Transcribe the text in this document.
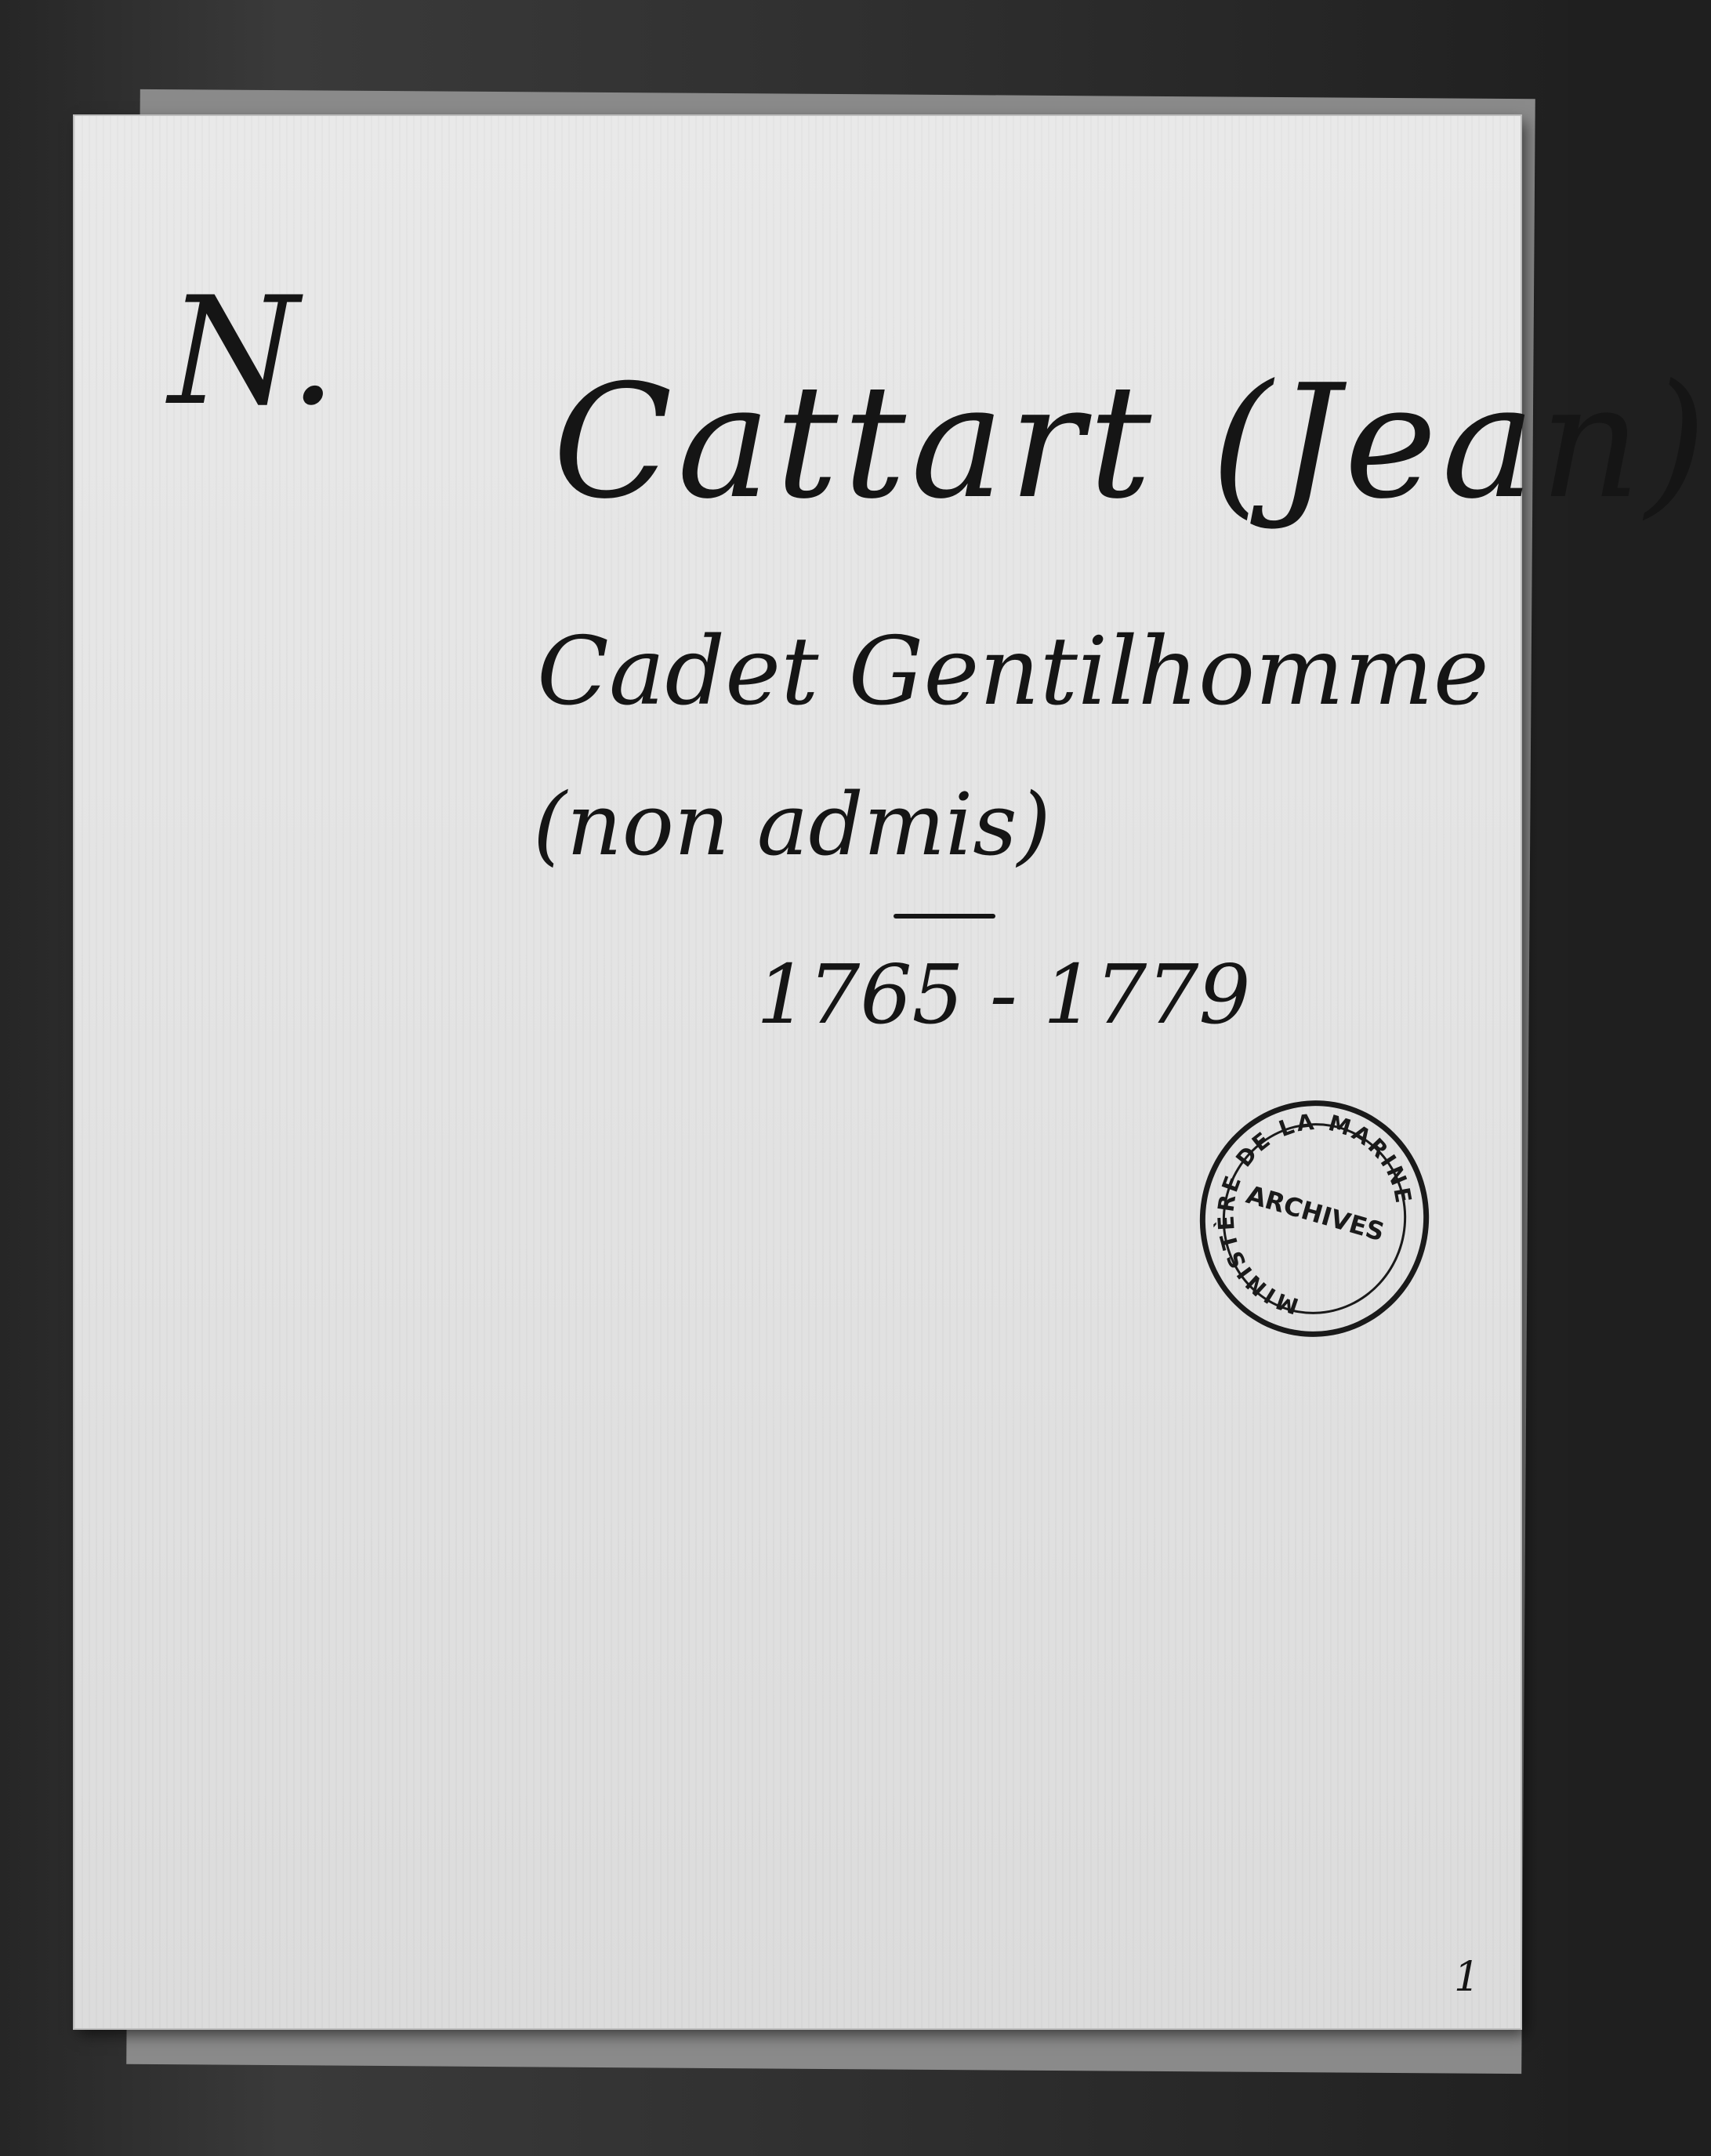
N. Cattart (Jean)

Cadet Gentilhomme

(non admis)

1765 - 1779

MINISTÈRE DE LA MARINE
ARCHIVES

1
